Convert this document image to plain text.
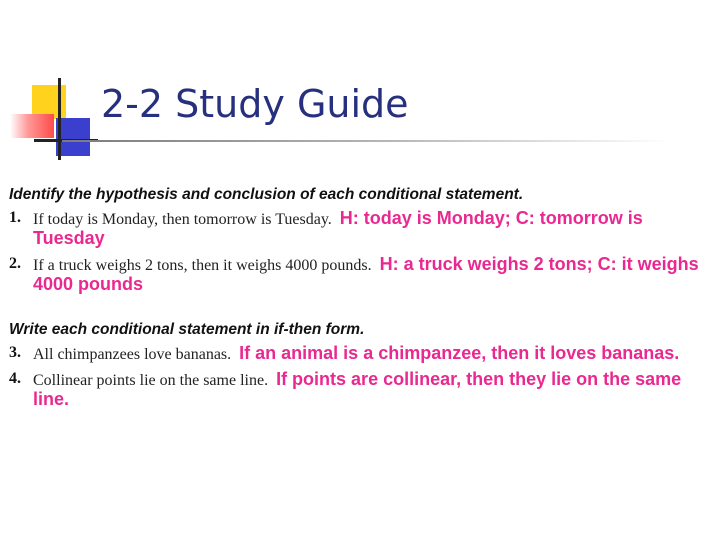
2-2 Study Guide

Identify the hypothesis and conclusion of each conditional statement.

1. If today is Monday, then tomorrow is Tuesday.  H: today is Monday; C: tomorrow is Tuesday
2. If a truck weighs 2 tons, then it weighs 4000 pounds.  H: a truck weighs 2 tons; C: it weighs 4000 pounds

Write each conditional statement in if-then form.

3. All chimpanzees love bananas.  If an animal is a chimpanzee, then it loves bananas.
4. Collinear points lie on the same line.  If points are collinear, then they lie on the same line.
